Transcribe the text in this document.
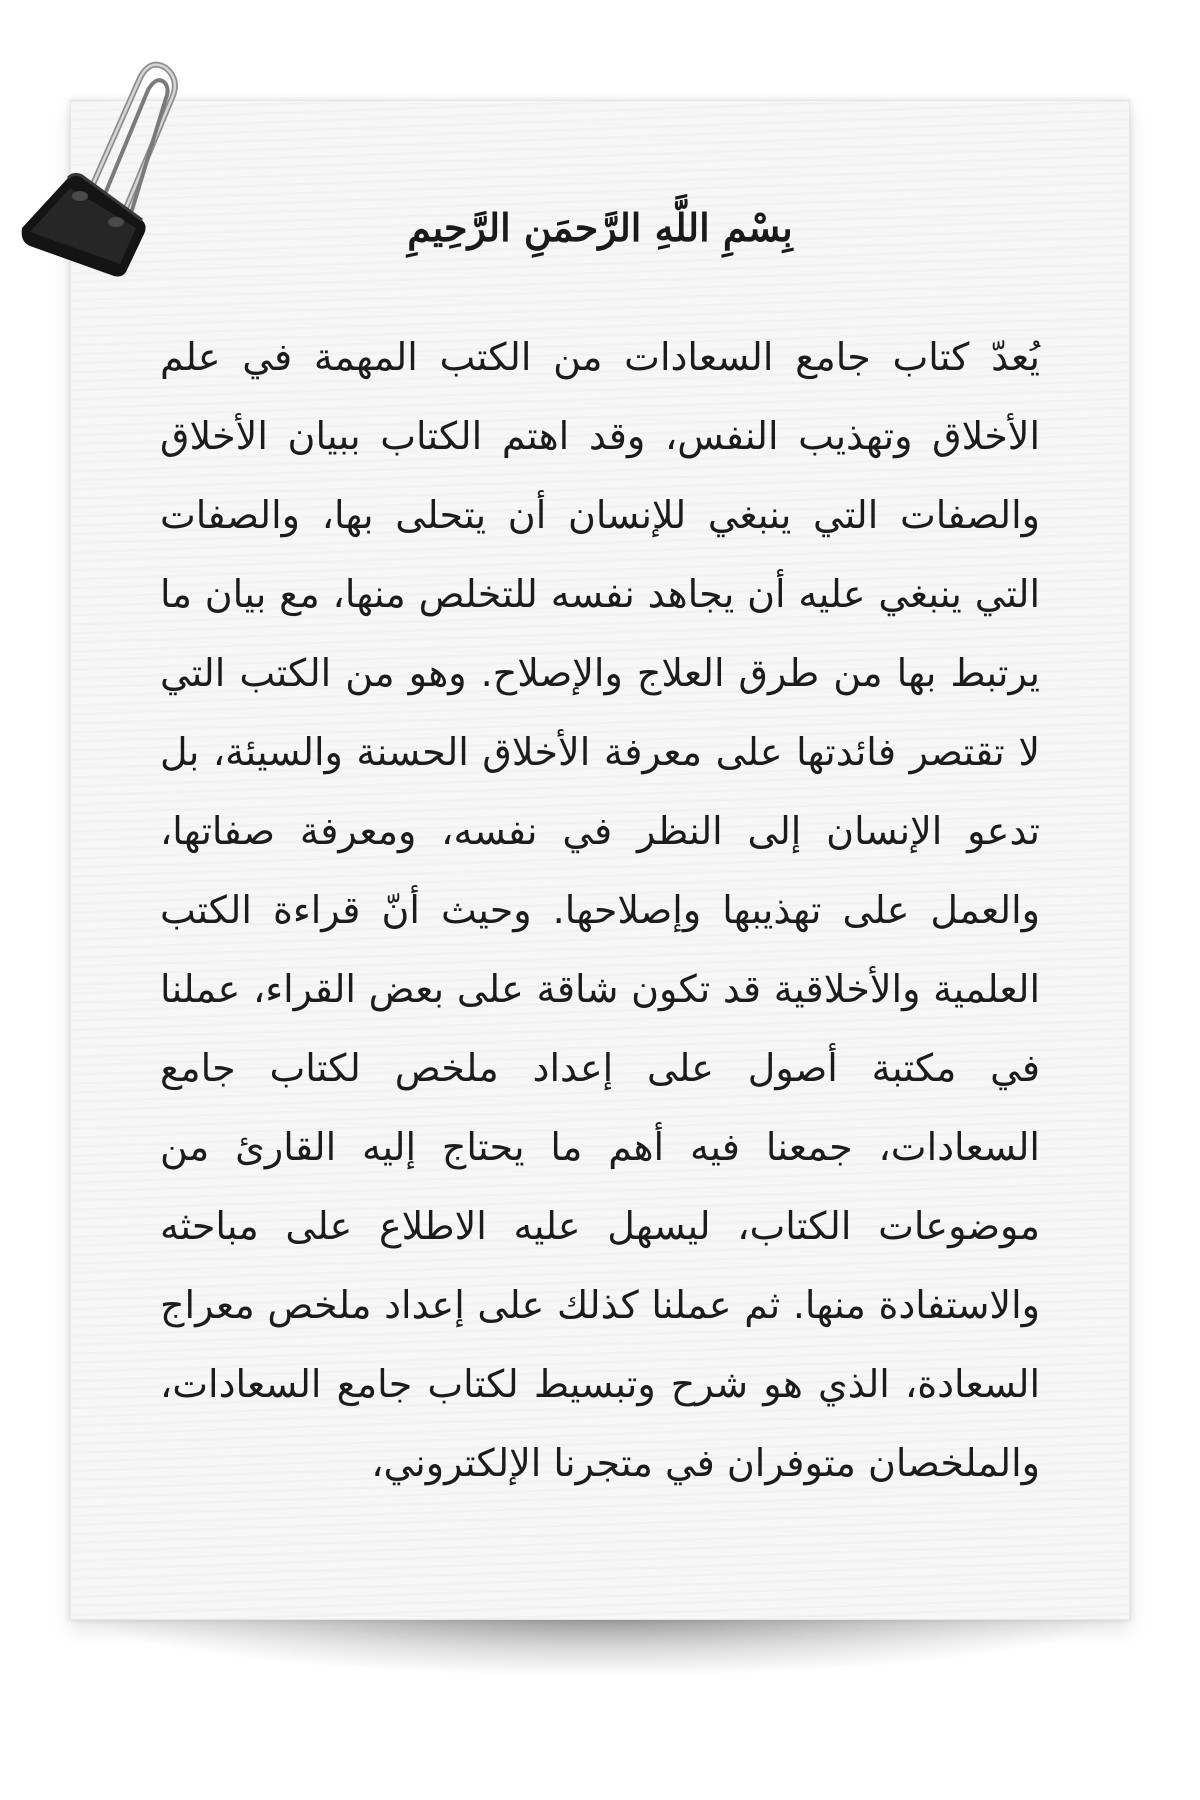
بِسْمِ اللَّهِ الرَّحمَنِ الرَّحِيمِ

يُعدّ كتاب جامع السعادات من الكتب المهمة في علم الأخلاق وتهذيب النفس، وقد اهتم الكتاب ببيان الأخلاق والصفات التي ينبغي للإنسان أن يتحلى بها، والصفات التي ينبغي عليه أن يجاهد نفسه للتخلص منها، مع بيان ما يرتبط بها من طرق العلاج والإصلاح. وهو من الكتب التي لا تقتصر فائدتها على معرفة الأخلاق الحسنة والسيئة، بل تدعو الإنسان إلى النظر في نفسه، ومعرفة صفاتها، والعمل على تهذيبها وإصلاحها. وحيث أنّ قراءة الكتب العلمية والأخلاقية قد تكون شاقة على بعض القراء، عملنا في مكتبة أصول على إعداد ملخص لكتاب جامع السعادات، جمعنا فيه أهم ما يحتاج إليه القارئ من موضوعات الكتاب، ليسهل عليه الاطلاع على مباحثه والاستفادة منها. ثم عملنا كذلك على إعداد ملخص معراج السعادة، الذي هو شرح وتبسيط لكتاب جامع السعادات، والملخصان متوفران في متجرنا الإلكتروني،
